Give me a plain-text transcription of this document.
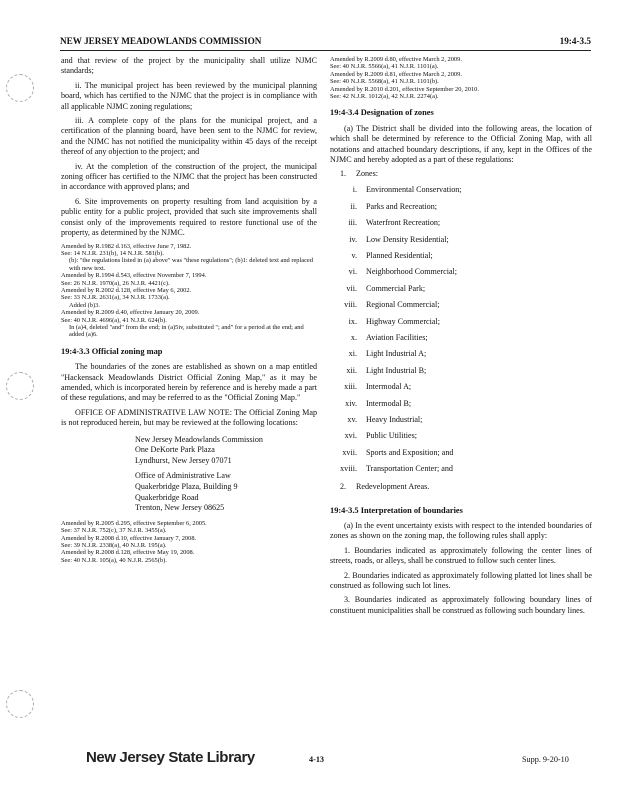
NEW JERSEY MEADOWLANDS COMMISSION	19:4-3.5

and that review of the project by the municipality shall utilize NJMC standards;

ii. The municipal project has been reviewed by the municipal planning board, which has certified to the NJMC that the project is in compliance with all applicable NJMC zoning regulations;

iii. A complete copy of the plans for the municipal project, and a certification of the planning board, have been sent to the NJMC for review, and the NJMC has not notified the municipality within 45 days of the receipt thereof of any objection to the project; and

iv. At the completion of the construction of the project, the municipal zoning officer has certified to the NJMC that the project has been constructed in accordance with approved plans; and

6. Site improvements on property resulting from land acquisition by a public entity for a public project, provided that such site improvements shall consist only of the improvements required to restore functional use of the property, as determined by the NJMC.

Amended by R.1982 d.163, effective June 7, 1982.

See: 14 N.J.R. 231(b), 14 N.J.R. 581(b).

(b): "the regulations listed in (a) above" was "these regulations"; (b)1: deleted text and replaced with new text.

Amended by R.1994 d.543, effective November 7, 1994.

See: 26 N.J.R. 1970(a), 26 N.J.R. 4421(c).

Amended by R.2002 d.128, effective May 6, 2002.

See: 33 N.J.R. 2631(a), 34 N.J.R. 1733(a).

Added (b)3.

Amended by R.2009 d.40, effective January 20, 2009.

See: 40 N.J.R. 4696(a), 41 N.J.R. 624(b).

In (a)4, deleted "and" from the end; in (a)5iv, substituted "; and" for a period at the end; and added (a)6.

19:4-3.3 Official zoning map

The boundaries of the zones are established as shown on a map entitled "Hackensack Meadowlands District Official Zoning Map," as it may be amended, which is incorporated herein by reference and is hereby made a part of these regulations, and may be referred to as the "Official Zoning Map."

OFFICE OF ADMINISTRATIVE LAW NOTE: The Official Zoning Map is not reproduced herein, but may be reviewed at the following locations:

New Jersey Meadowlands Commission
One DeKorte Park Plaza
Lyndhurst, New Jersey 07071
Office of Administrative Law
Quakerbridge Plaza, Building 9
Quakerbridge Road
Trenton, New Jersey 08625

Amended by R.2005 d.295, effective September 6, 2005.

See: 37 N.J.R. 752(c), 37 N.J.R. 3455(a).

Amended by R.2008 d.10, effective January 7, 2008.

See: 39 N.J.R. 2338(a), 40 N.J.R. 195(a).

Amended by R.2008 d.128, effective May 19, 2008.

See: 40 N.J.R. 105(a), 40 N.J.R. 2565(b).

Amended by R.2009 d.80, effective March 2, 2009.

See: 40 N.J.R. 5566(a), 41 N.J.R. 1101(a).

Amended by R.2009 d.81, effective March 2, 2009.

See: 40 N.J.R. 5568(a), 41 N.J.R. 1101(b).

Amended by R.2010 d.201, effective September 20, 2010.

See: 42 N.J.R. 1012(a), 42 N.J.R. 2274(a).

19:4-3.4 Designation of zones

(a) The District shall be divided into the following areas, the location of which shall be determined by reference to the Official Zoning Map, with all notations and attached boundary descriptions, if any, kept in the Offices of the NJMC and hereby adopted as a part of these regulations:

1.	Zones:
i.	Environmental Conservation;
ii.	Parks and Recreation;
iii.	Waterfront Recreation;
iv.	Low Density Residential;
v.	Planned Residential;
vi.	Neighborhood Commercial;
vii.	Commercial Park;
viii.	Regional Commercial;
ix.	Highway Commercial;
x.	Aviation Facilities;
xi.	Light Industrial A;
xii.	Light Industrial B;
xiii.	Intermodal A;
xiv.	Intermodal B;
xv.	Heavy Industrial;
xvi.	Public Utilities;
xvii.	Sports and Exposition; and
xviii.	Transportation Center; and
2.	Redevelopment Areas.
19:4-3.5 Interpretation of boundaries

(a) In the event uncertainty exists with respect to the intended boundaries of zones as shown on the zoning map, the following rules shall apply:

1. Boundaries indicated as approximately following the center lines of streets, roads, or alleys, shall be construed to follow such center lines.

2. Boundaries indicated as approximately following platted lot lines shall be construed as following such lot lines.

3. Boundaries indicated as approximately following boundary lines of constituent municipalities shall be construed as following such boundary lines.

New Jersey State Library	4-13	Supp. 9-20-10
